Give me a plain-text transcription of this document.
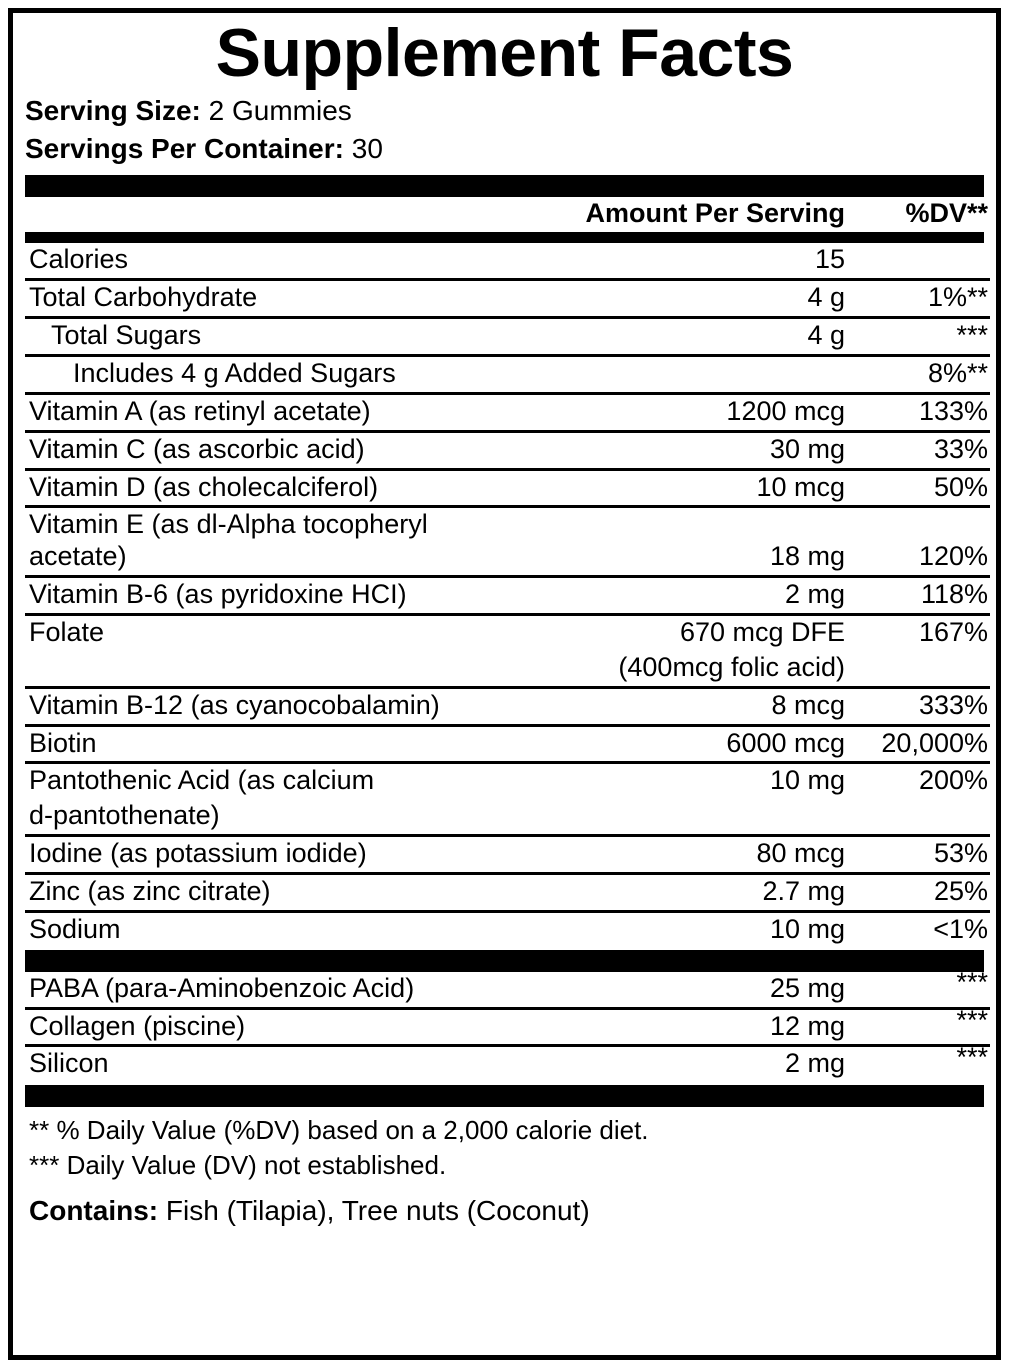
Supplement Facts
Serving Size: 2 Gummies
Servings Per Container: 30
	Amount Per Serving	%DV**
Calories	15	
Total Carbohydrate	4 g	1%**
Total Sugars	4 g	***
Includes 4 g Added Sugars		8%**
Vitamin A (as retinyl acetate)	1200 mcg	133%
Vitamin C (as ascorbic acid)	30 mg	33%
Vitamin D (as cholecalciferol)	10 mcg	50%
Vitamin E (as dl-Alpha tocopheryl acetate)	18 mg	120%
Vitamin B-6 (as pyridoxine HCI)	2 mg	118%
Folate	670 mcg DFE	167%
	(400mcg folic acid)	
Vitamin B-12 (as cyanocobalamin)	8 mcg	333%
Biotin	6000 mcg	20,000%
Pantothenic Acid (as calcium	10 mg	200%
d-pantothenate)		
Iodine (as potassium iodide)	80 mcg	53%
Zinc (as zinc citrate)	2.7 mg	25%
Sodium	10 mg	<1%
PABA (para-Aminobenzoic Acid)	25 mg	***
Collagen (piscine)	12 mg	***
Silicon	2 mg	***
** % Daily Value (%DV) based on a 2,000 calorie diet.
*** Daily Value (DV) not established.
Contains: Fish (Tilapia), Tree nuts (Coconut)
